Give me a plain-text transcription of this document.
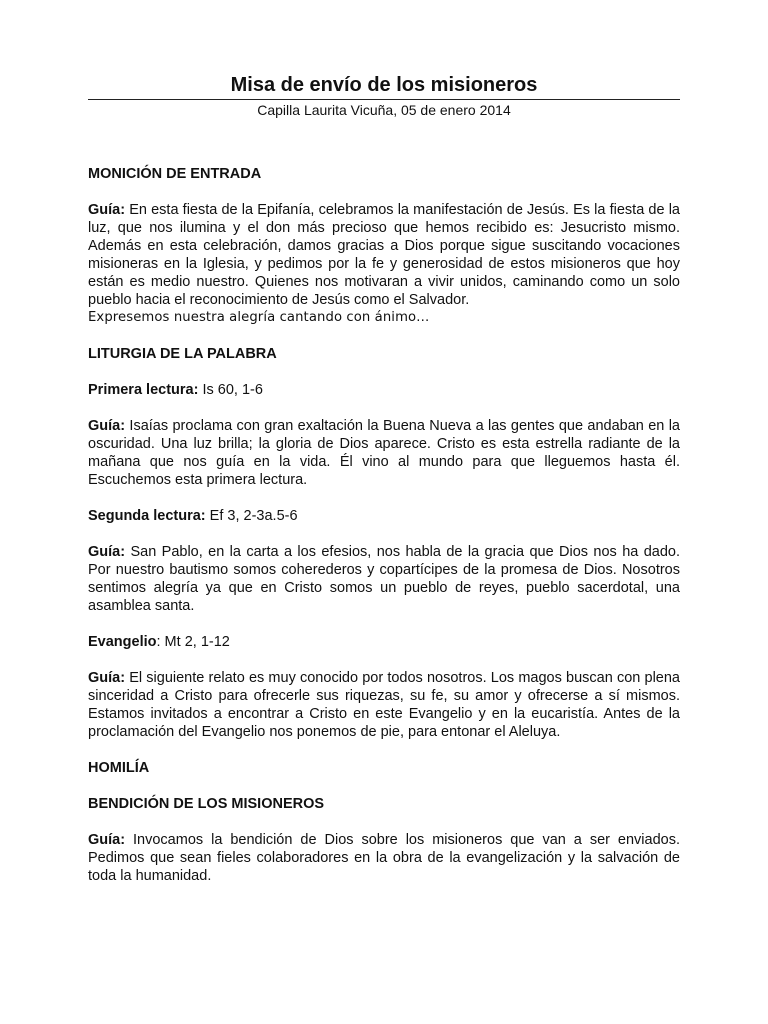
Misa de envío de los misioneros
Capilla Laurita Vicuña, 05 de enero 2014

MONICIÓN DE ENTRADA

Guía: En esta fiesta de la Epifanía, celebramos la manifestación de Jesús. Es la fiesta de la luz, que nos ilumina y el don más precioso que hemos recibido es: Jesucristo mismo. Además en esta celebración, damos gracias a Dios porque sigue suscitando vocaciones misioneras en la Iglesia, y pedimos por la fe y generosidad de estos misioneros que hoy están es medio nuestro. Quienes nos motivaran a vivir unidos, caminando como un solo pueblo hacia el reconocimiento de Jesús como el Salvador.
Expresemos nuestra alegría cantando con ánimo…

LITURGIA DE LA PALABRA

Primera lectura: Is 60, 1-6

Guía: Isaías proclama con gran exaltación la Buena Nueva a las gentes que andaban en la oscuridad. Una luz brilla; la gloria de Dios aparece. Cristo es esta estrella radiante de la mañana que nos guía en la vida. Él vino al mundo para que lleguemos hasta él. Escuchemos esta primera lectura.

Segunda lectura: Ef 3, 2-3a.5-6

Guía: San Pablo, en la carta a los efesios, nos habla de la gracia que Dios nos ha dado. Por nuestro bautismo somos coherederos y copartícipes de la promesa de Dios. Nosotros sentimos alegría ya que en Cristo somos un pueblo de reyes, pueblo sacerdotal, una asamblea santa.

Evangelio: Mt 2, 1-12

Guía: El siguiente relato es muy conocido por todos nosotros. Los magos buscan con plena sinceridad a Cristo para ofrecerle sus riquezas, su fe, su amor y ofrecerse a sí mismos. Estamos invitados a encontrar a Cristo en este Evangelio y en la eucaristía. Antes de la proclamación del Evangelio nos ponemos de pie, para entonar el Aleluya.

HOMILÍA

BENDICIÓN DE LOS MISIONEROS

Guía: Invocamos la bendición de Dios sobre los misioneros que van a ser enviados. Pedimos que sean fieles colaboradores en la obra de la evangelización y la salvación de toda la humanidad.
